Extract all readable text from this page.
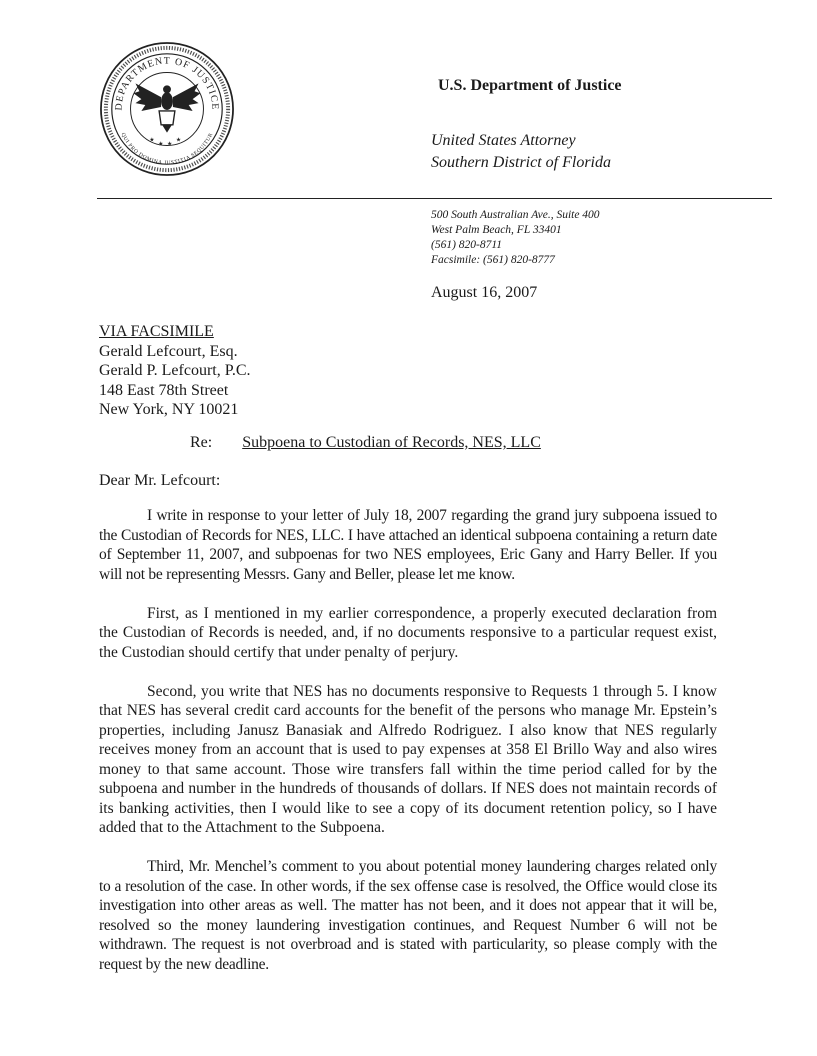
DEPARTMENT OF JUSTICE
QUI PRO DOMINA JUSTITIA SEQUITUR
★
★ ★
★
U.S. Department of Justice
United States Attorney
Southern District of Florida
500 South Australian Ave., Suite 400
West Palm Beach, FL 33401
(561) 820-8711
Facsimile: (561) 820-8777
August 16, 2007
VIA FACSIMILE
Gerald Lefcourt, Esq.
Gerald P. Lefcourt, P.C.
148 East 78th Street
New York, NY 10021
Re: Subpoena to Custodian of Records, NES, LLC
Dear Mr. Lefcourt:

I write in response to your letter of July 18, 2007 regarding the grand jury subpoena issued to the Custodian of Records for NES, LLC. I have attached an identical subpoena containing a return date of September 11, 2007, and subpoenas for two NES employees, Eric Gany and Harry Beller. If you will not be representing Messrs. Gany and Beller, please let me know.

First, as I mentioned in my earlier correspondence, a properly executed declaration from the Custodian of Records is needed, and, if no documents responsive to a particular request exist, the Custodian should certify that under penalty of perjury.

Second, you write that NES has no documents responsive to Requests 1 through 5. I know that NES has several credit card accounts for the benefit of the persons who manage Mr. Epstein’s properties, including Janusz Banasiak and Alfredo Rodriguez. I also know that NES regularly receives money from an account that is used to pay expenses at 358 El Brillo Way and also wires money to that same account. Those wire transfers fall within the time period called for by the subpoena and number in the hundreds of thousands of dollars. If NES does not maintain records of its banking activities, then I would like to see a copy of its document retention policy, so I have added that to the Attachment to the Subpoena.

Third, Mr. Menchel’s comment to you about potential money laundering charges related only to a resolution of the case. In other words, if the sex offense case is resolved, the Office would close its investigation into other areas as well. The matter has not been, and it does not appear that it will be, resolved so the money laundering investigation continues, and Request Number 6 will not be withdrawn. The request is not overbroad and is stated with particularity, so please comply with the request by the new deadline.
